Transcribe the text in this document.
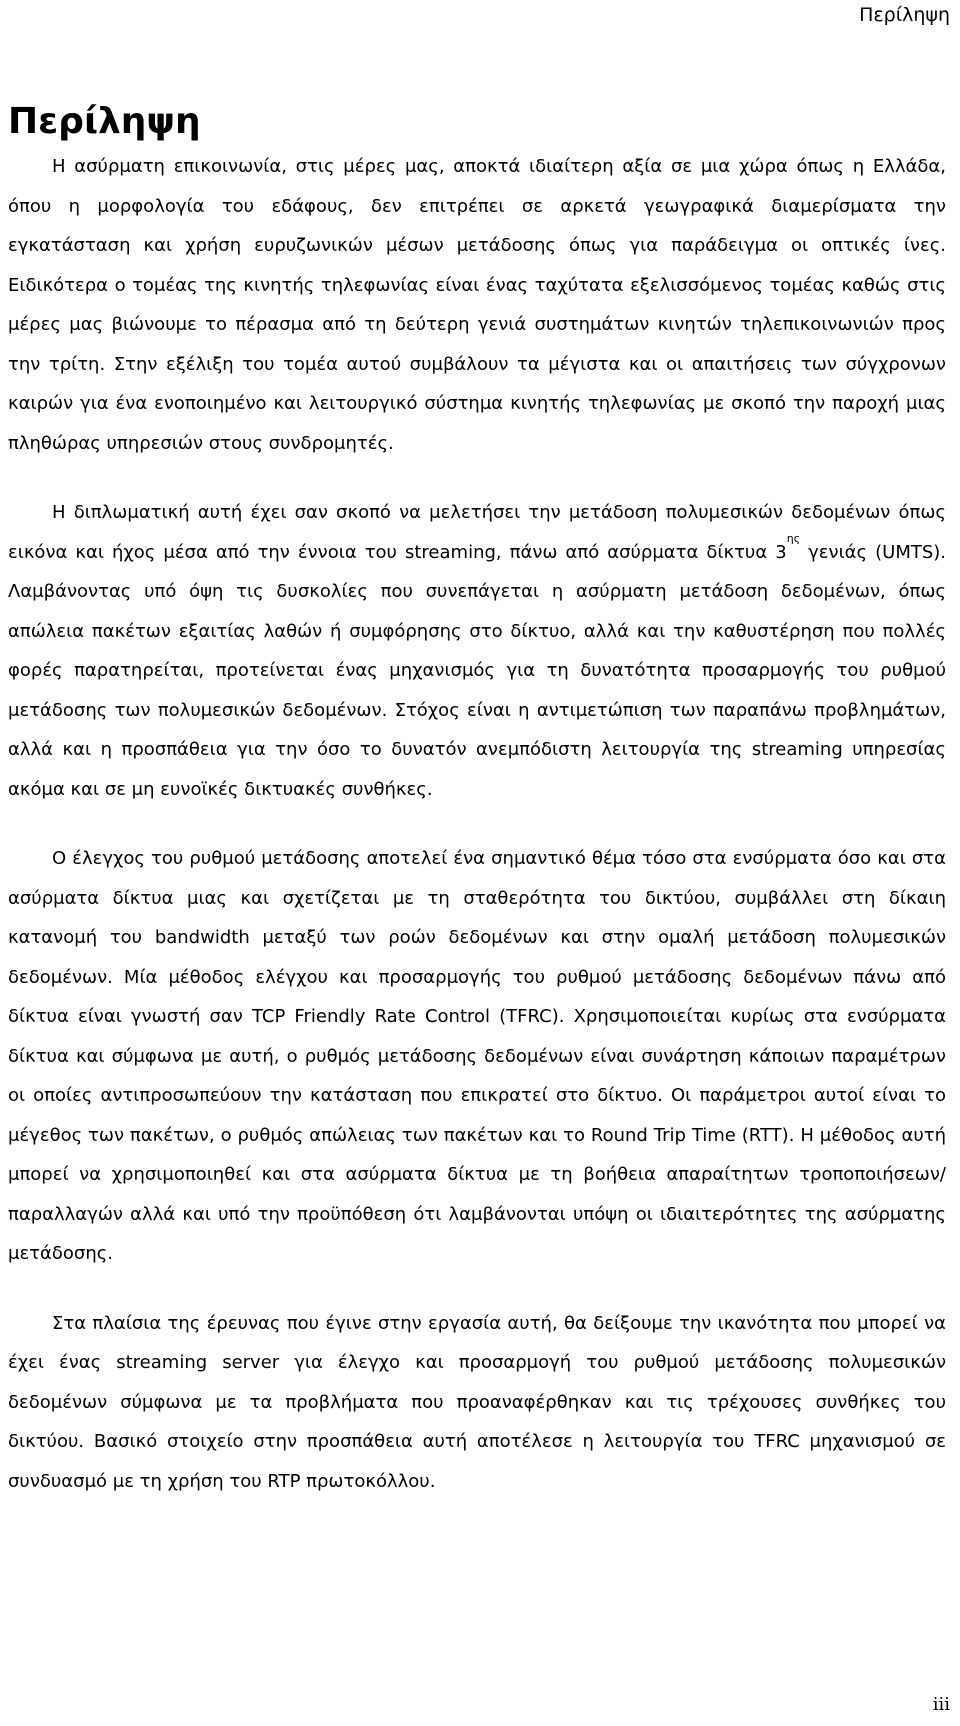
Περίληψη
Περίληψη

Η ασύρματη επικοινωνία, στις μέρες μας, αποκτά ιδιαίτερη αξία σε μια χώρα όπως η Ελλάδα, όπου η μορφολογία του εδάφους, δεν επιτρέπει σε αρκετά γεωγραφικά διαμερίσματα την εγκατάσταση και χρήση ευρυζωνικών μέσων μετάδοσης όπως για παράδειγμα οι οπτικές ίνες. Ειδικότερα ο τομέας της κινητής τηλεφωνίας είναι ένας ταχύτατα εξελισσόμενος τομέας καθώς στις μέρες μας βιώνουμε το πέρασμα από τη δεύτερη γενιά συστημάτων κινητών τηλεπικοινωνιών προς την τρίτη. Στην εξέλιξη του τομέα αυτού συμβάλουν τα μέγιστα και οι απαιτήσεις των σύγχρονων καιρών για ένα ενοποιημένο και λειτουργικό σύστημα κινητής τηλεφωνίας με σκοπό την παροχή μιας πληθώρας υπηρεσιών στους συνδρομητές.

Η διπλωματική αυτή έχει σαν σκοπό να μελετήσει την μετάδοση πολυμεσικών δεδομένων όπως εικόνα και ήχος μέσα από την έννοια του streaming, πάνω από ασύρματα δίκτυα $3^{\eta\varsigma}$ γενιάς (UMTS). Λαμβάνοντας υπό όψη τις δυσκολίες που συνεπάγεται η ασύρματη μετάδοση δεδομένων, όπως απώλεια πακέτων εξαιτίας λαθών ή συμφόρησης στο δίκτυο, αλλά και την καθυστέρηση που πολλές φορές παρατηρείται, προτείνεται ένας μηχανισμός για τη δυνατότητα προσαρμογής του ρυθμού μετάδοσης των πολυμεσικών δεδομένων. Στόχος είναι η αντιμετώπιση των παραπάνω προβλημάτων, αλλά και η προσπάθεια για την όσο το δυνατόν ανεμπόδιστη λειτουργία της streaming υπηρεσίας ακόμα και σε μη ευνοϊκές δικτυακές συνθήκες.

Ο έλεγχος του ρυθμού μετάδοσης αποτελεί ένα σημαντικό θέμα τόσο στα ενσύρματα όσο και στα ασύρματα δίκτυα μιας και σχετίζεται με τη σταθερότητα του δικτύου, συμβάλλει στη δίκαιη κατανομή του bandwidth μεταξύ των ροών δεδομένων και στην ομαλή μετάδοση πολυμεσικών δεδομένων. Μία μέθοδος ελέγχου και προσαρμογής του ρυθμού μετάδοσης δεδομένων πάνω από δίκτυα είναι γνωστή σαν TCP Friendly Rate Control (TFRC). Χρησιμοποιείται κυρίως στα ενσύρματα δίκτυα και σύμφωνα με αυτή, ο ρυθμός μετάδοσης δεδομένων είναι συνάρτηση κάποιων παραμέτρων οι οποίες αντιπροσωπεύουν την κατάσταση που επικρατεί στο δίκτυο. Οι παράμετροι αυτοί είναι το μέγεθος των πακέτων, ο ρυθμός απώλειας των πακέτων και το Round Trip Time (RTT). Η μέθοδος αυτή μπορεί να χρησιμοποιηθεί και στα ασύρματα δίκτυα με τη βοήθεια απαραίτητων τροποποιήσεων/παραλλαγών αλλά και υπό την προϋπόθεση ότι λαμβάνονται υπόψη οι ιδιαιτερότητες της ασύρματης μετάδοσης.

Στα πλαίσια της έρευνας που έγινε στην εργασία αυτή, θα δείξουμε την ικανότητα που μπορεί να έχει ένας streaming server για έλεγχο και προσαρμογή του ρυθμού μετάδοσης πολυμεσικών δεδομένων σύμφωνα με τα προβλήματα που προαναφέρθηκαν και τις τρέχουσες συνθήκες του δικτύου. Βασικό στοιχείο στην προσπάθεια αυτή αποτέλεσε η λειτουργία του TFRC μηχανισμού σε συνδυασμό με τη χρήση του RTP πρωτοκόλλου.

iii
